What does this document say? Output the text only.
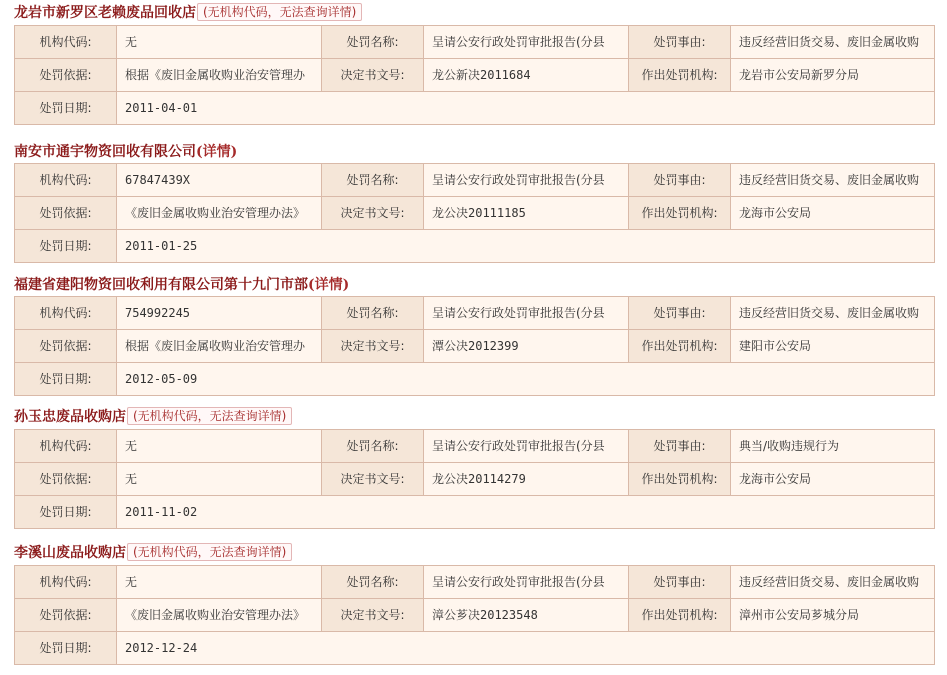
龙岩市新罗区老赖废品回收店 (无机构代码，无法查询详情)
机构代码:	无	处罚名称:	呈请公安行政处罚审批报告(分县	处罚事由:	违反经营旧货交易、废旧金属收购
处罚依据:	根据《废旧金属收购业治安管理办	决定书文号:	龙公新决2011684	作出处罚机构:	龙岩市公安局新罗分局
处罚日期:	2011-04-01				
南安市通宇物资回收有限公司(详情)
机构代码:	67847439X	处罚名称:	呈请公安行政处罚审批报告(分县	处罚事由:	违反经营旧货交易、废旧金属收购
处罚依据:	《废旧金属收购业治安管理办法》	决定书文号:	龙公决20111185	作出处罚机构:	龙海市公安局
处罚日期:	2011-01-25				
福建省建阳物资回收利用有限公司第十九门市部(详情)
机构代码:	754992245	处罚名称:	呈请公安行政处罚审批报告(分县	处罚事由:	违反经营旧货交易、废旧金属收购
处罚依据:	根据《废旧金属收购业治安管理办	决定书文号:	潭公决2012399	作出处罚机构:	建阳市公安局
处罚日期:	2012-05-09				
孙玉忠废品收购店 (无机构代码，无法查询详情)
机构代码:	无	处罚名称:	呈请公安行政处罚审批报告(分县	处罚事由:	典当/收购违规行为
处罚依据:	无	决定书文号:	龙公决20114279	作出处罚机构:	龙海市公安局
处罚日期:	2011-11-02				
李溪山废品收购店 (无机构代码，无法查询详情)
机构代码:	无	处罚名称:	呈请公安行政处罚审批报告(分县	处罚事由:	违反经营旧货交易、废旧金属收购
处罚依据:	《废旧金属收购业治安管理办法》	决定书文号:	漳公芗决20123548	作出处罚机构:	漳州市公安局芗城分局
处罚日期:	2012-12-24				
